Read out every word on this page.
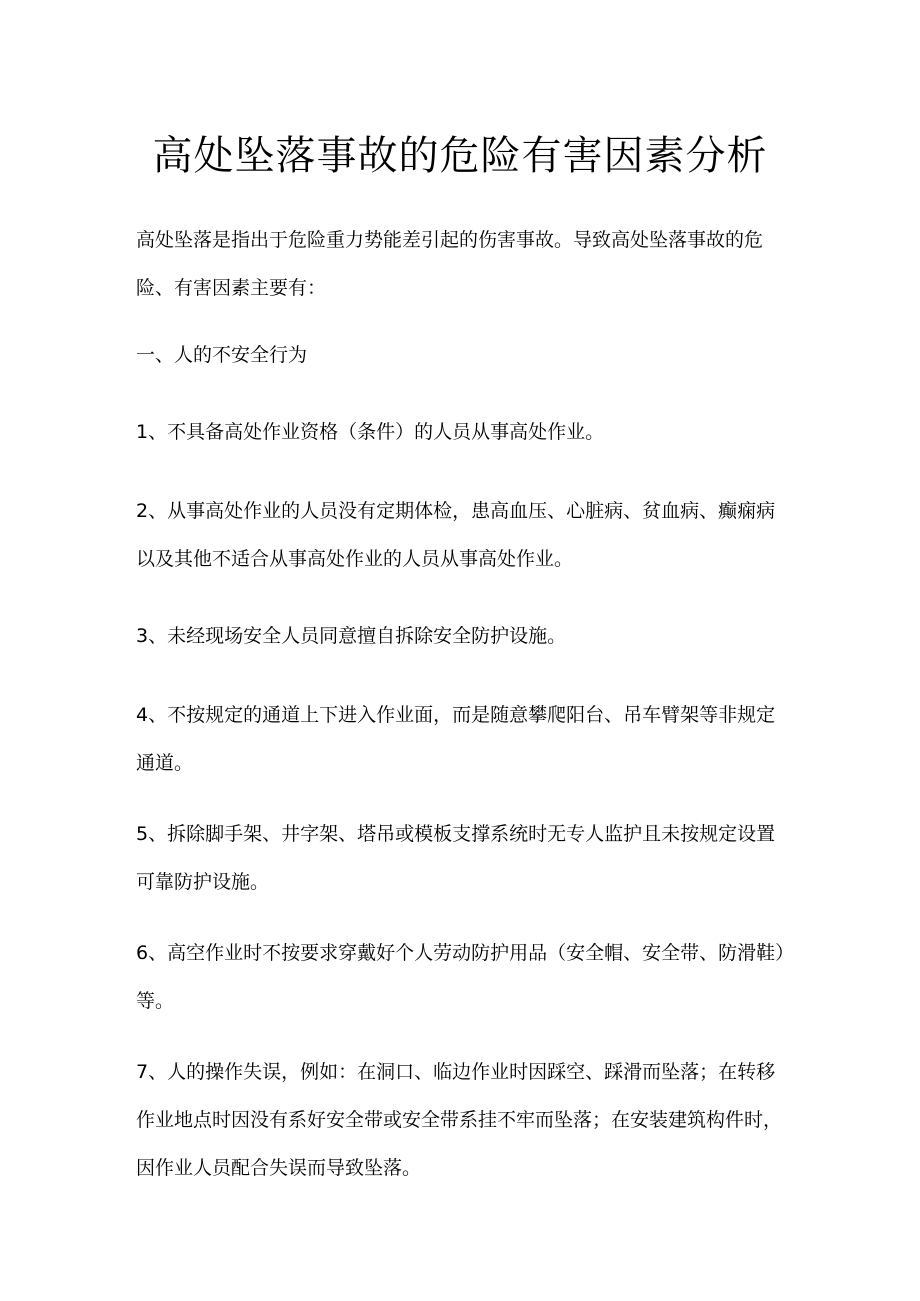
高处坠落事故的危险有害因素分析

高处坠落是指出于危险重力势能差引起的伤害事故。导致高处坠落事故的危险、有害因素主要有：

一、人的不安全行为

1、不具备高处作业资格（条件）的人员从事高处作业。

2、从事高处作业的人员没有定期体检，患高血压、心脏病、贫血病、癫痫病以及其他不适合从事高处作业的人员从事高处作业。

3、未经现场安全人员同意擅自拆除安全防护设施。

4、不按规定的通道上下进入作业面，而是随意攀爬阳台、吊车臂架等非规定通道。

5、拆除脚手架、井字架、塔吊或模板支撑系统时无专人监护且未按规定设置可靠防护设施。

6、高空作业时不按要求穿戴好个人劳动防护用品（安全帽、安全带、防滑鞋）等。

7、人的操作失误，例如：在洞口、临边作业时因踩空、踩滑而坠落；在转移作业地点时因没有系好安全带或安全带系挂不牢而坠落；在安装建筑构件时，因作业人员配合失误而导致坠落。
